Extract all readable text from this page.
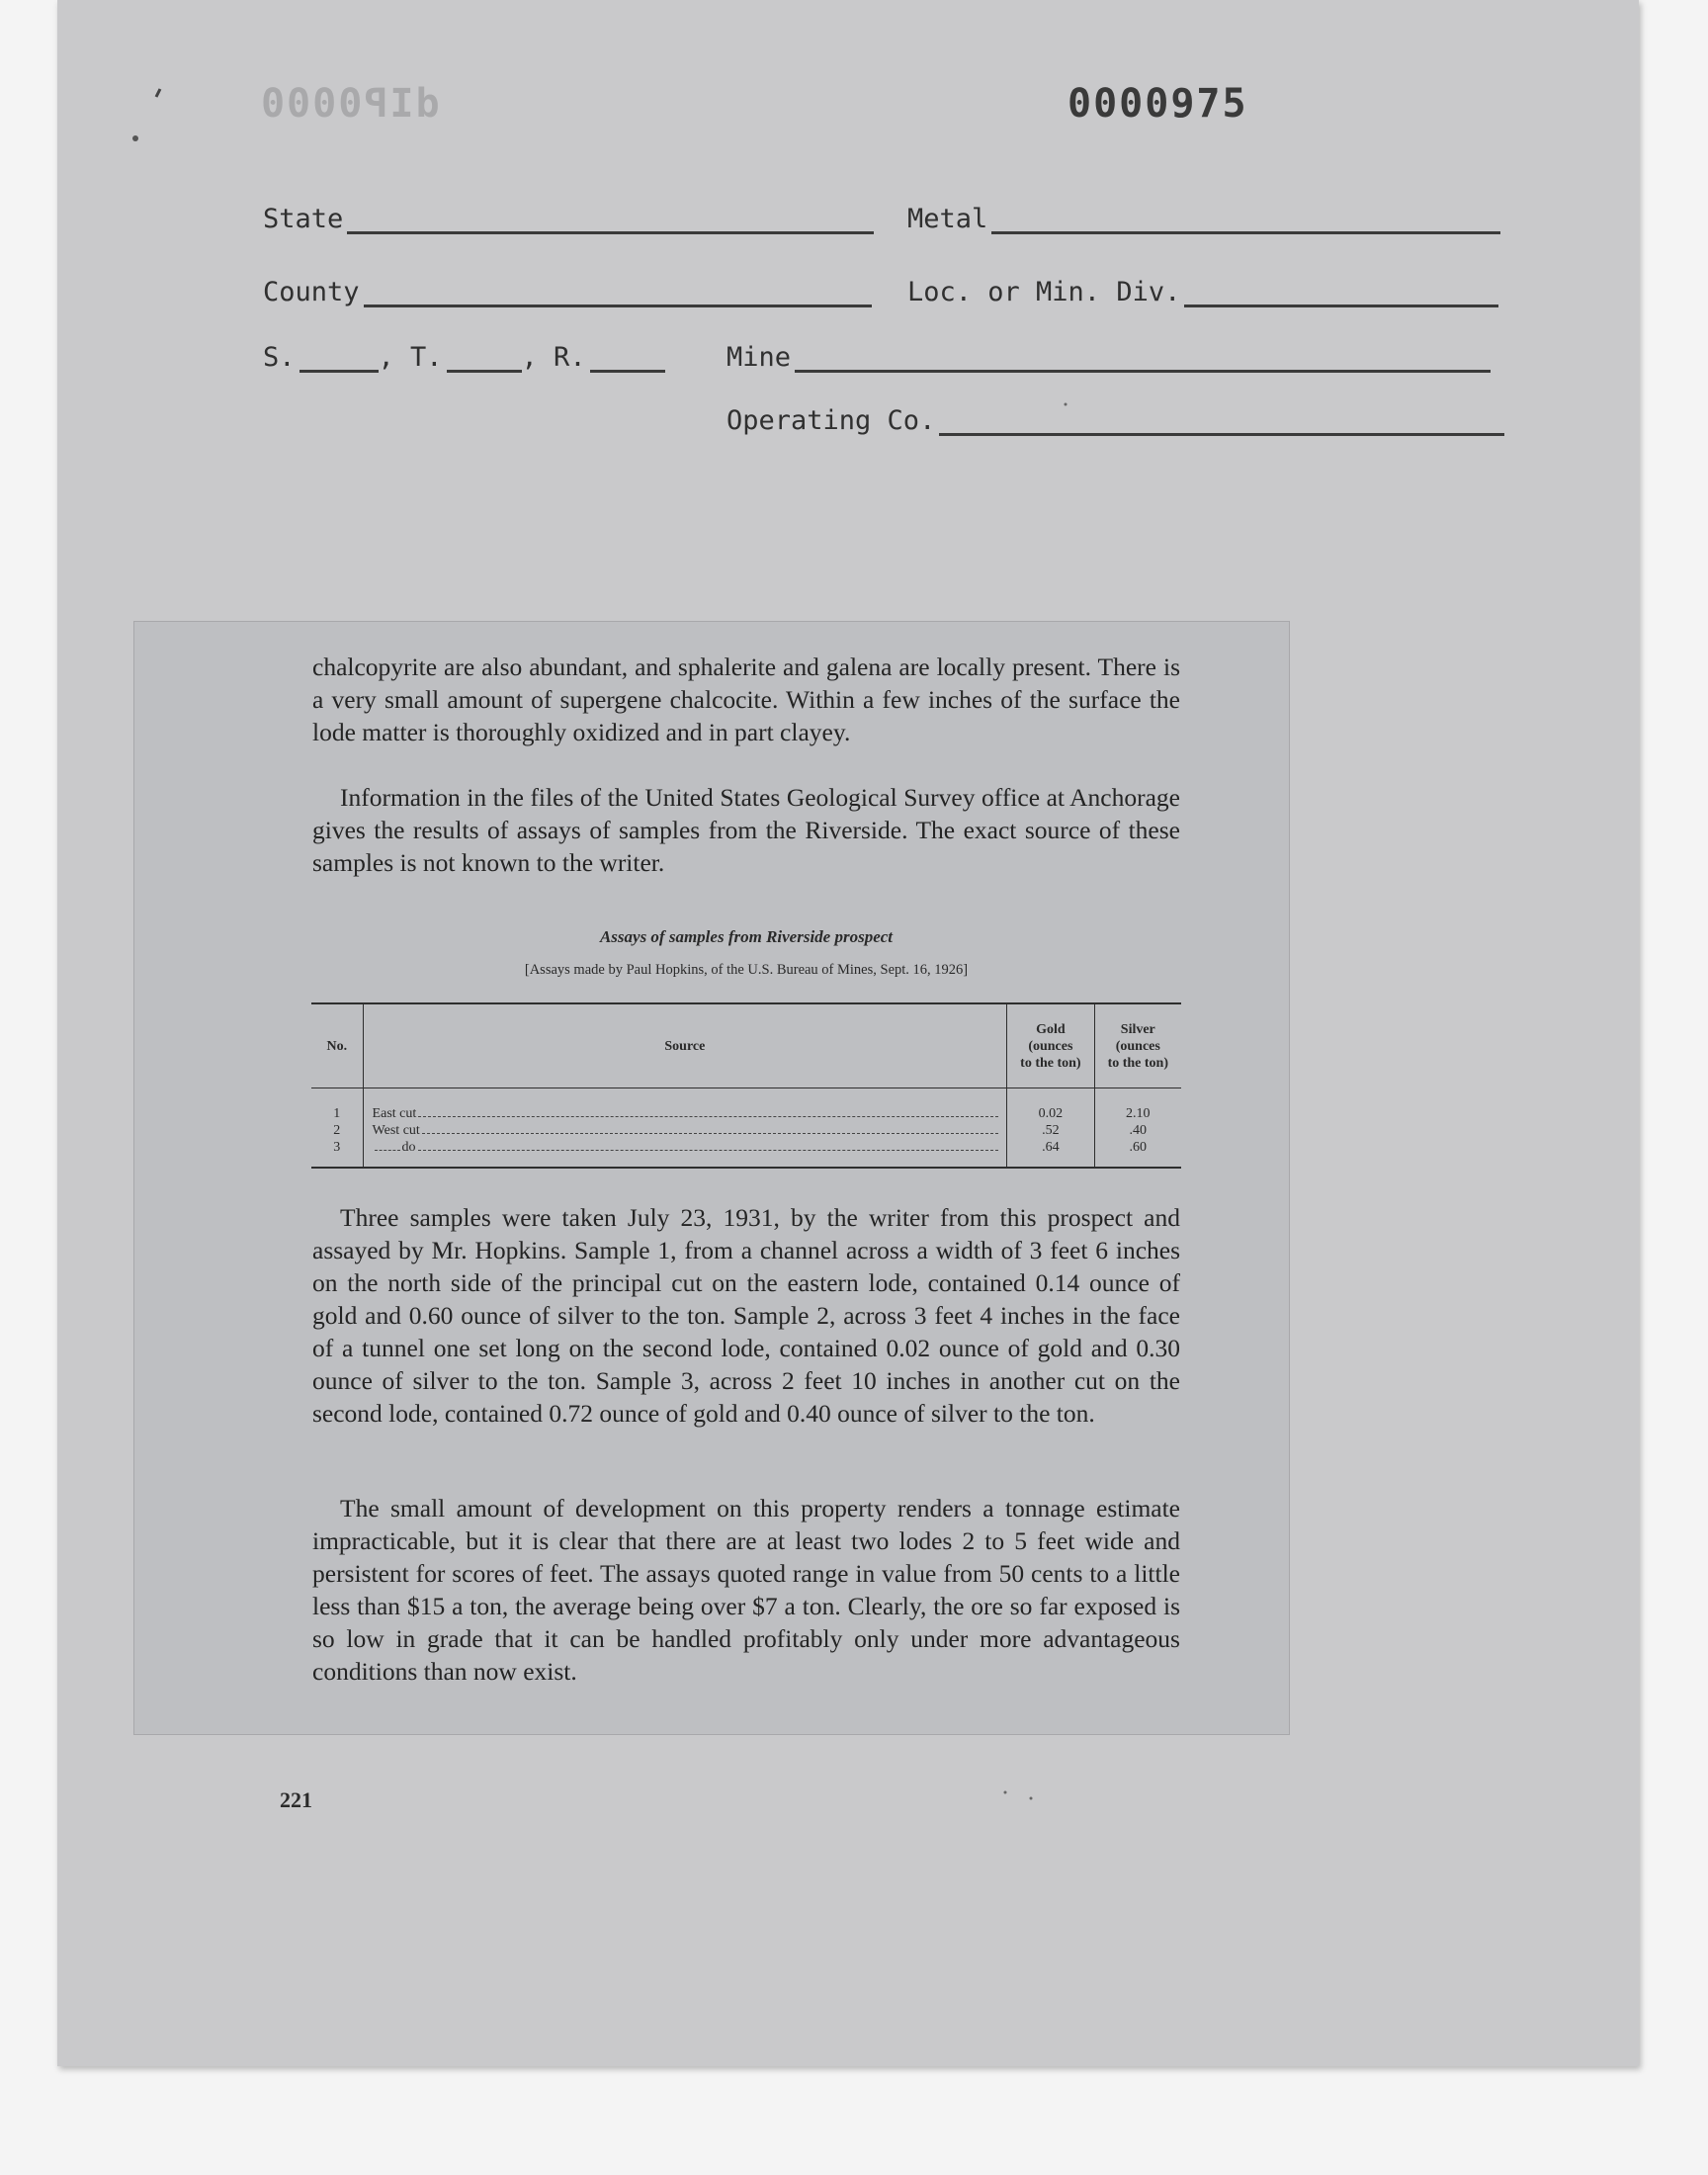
dIP0000	0000975
State	Metal
County	Loc. or Min. Div.
S.	, T.	, R.	Mine
Operating Co.

chalcopyrite are also abundant, and sphalerite and galena are locally present. There is a very small amount of supergene chalcocite. Within a few inches of the surface the lode matter is thoroughly oxidized and in part clayey.

Information in the files of the United States Geological Survey office at Anchorage gives the results of assays of samples from the Riverside. The exact source of these samples is not known to the writer.

Assays of samples from Riverside prospect
[Assays made by Paul Hopkins, of the U.S. Bureau of Mines, Sept. 16, 1926]
No.	Source	Gold
(ounces
to the ton)	Silver
(ounces
to the ton)
1	East cut	0.02	2.10
2	West cut	.52	.40
3	do	.64	.60

Three samples were taken July 23, 1931, by the writer from this prospect and assayed by Mr. Hopkins. Sample 1, from a channel across a width of 3 feet 6 inches on the north side of the principal cut on the eastern lode, contained 0.14 ounce of gold and 0.60 ounce of silver to the ton. Sample 2, across 3 feet 4 inches in the face of a tunnel one set long on the second lode, contained 0.02 ounce of gold and 0.30 ounce of silver to the ton. Sample 3, across 2 feet 10 inches in another cut on the second lode, contained 0.72 ounce of gold and 0.40 ounce of silver to the ton.

The small amount of development on this property renders a tonnage estimate impracticable, but it is clear that there are at least two lodes 2 to 5 feet wide and persistent for scores of feet. The assays quoted range in value from 50 cents to a little less than $15 a ton, the average being over $7 a ton. Clearly, the ore so far exposed is so low in grade that it can be handled profitably only under more advantageous conditions than now exist.

221
